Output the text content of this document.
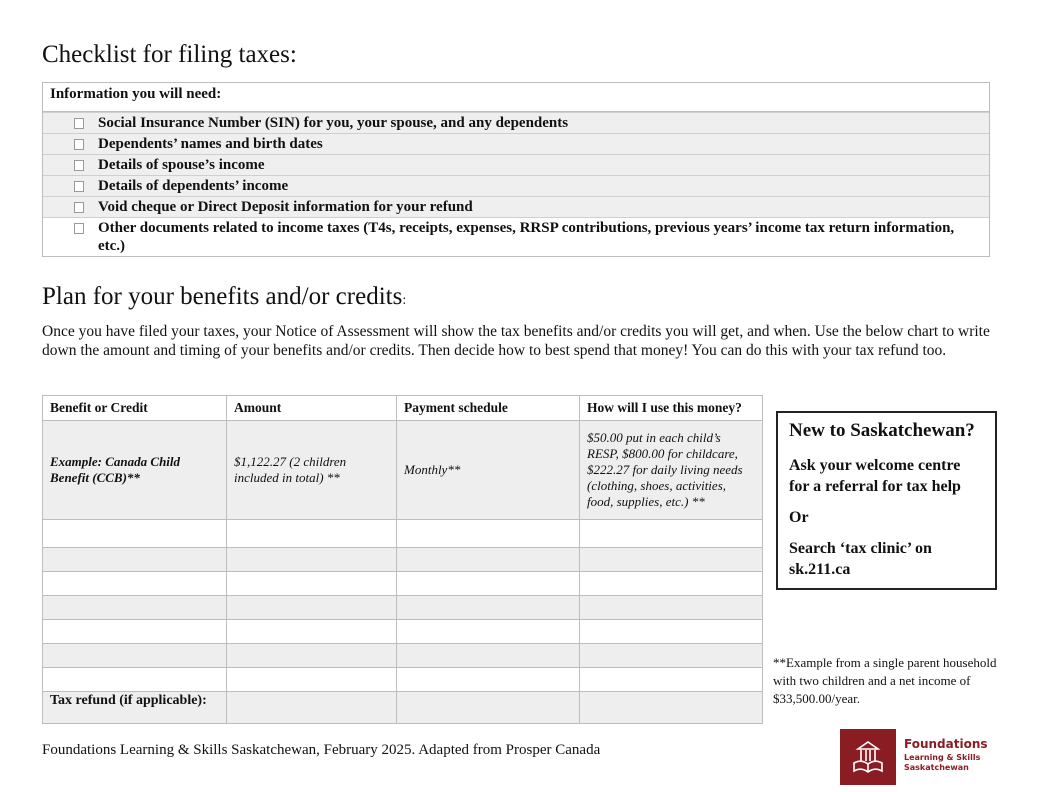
Checklist for filing taxes:
Information you will need:
Social Insurance Number (SIN) for you, your spouse, and any dependents
Dependents’ names and birth dates
Details of spouse’s income
Details of dependents’ income
Void cheque or Direct Deposit information for your refund
Other documents related to income taxes (T4s, receipts, expenses, RRSP contributions, previous years’ income tax return information, etc.)
Plan for your benefits and/or credits:

Once you have filed your taxes, your Notice of Assessment will show the tax benefits and/or credits you will get, and when. Use the below chart to write down the amount and timing of your benefits and/or credits. Then decide how to best spend that money! You can do this with your tax refund too.

Benefit or Credit	Amount	Payment schedule	How will I use this money?
Example: Canada Child Benefit (CCB)**	$1,122.27 (2 children included in total) **	Monthly**	$50.00 put in each child’s RESP, $800.00 for childcare, $222.27 for daily living needs (clothing, shoes, activities, food, supplies, etc.) **

Tax refund (if applicable):			
New to Saskatchewan?

Ask your welcome centre for a referral for tax help

Or

Search ‘tax clinic’ on sk.211.ca

**Example from a single parent household with two children and a net income of $33,500.00/year.

Foundations Learning & Skills Saskatchewan, February 2025. Adapted from Prosper Canada	Foundations
Learning & Skills
Saskatchewan
